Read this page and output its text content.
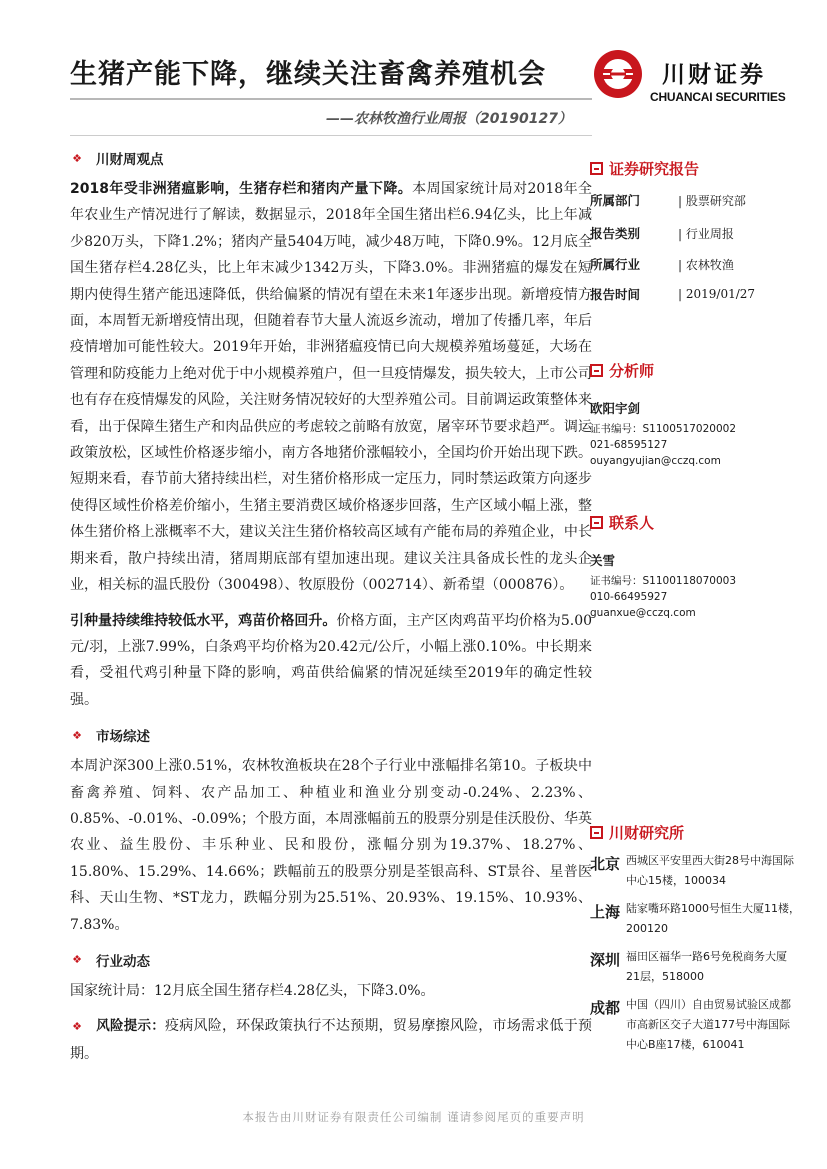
生猪产能下降，继续关注畜禽养殖机会
——农林牧渔行业周报（20190127）
川财证券
CHUANCAI SECURITIES
❖ 川财周观点

2018年受非洲猪瘟影响，生猪存栏和猪肉产量下降。本周国家统计局对2018年全年农业生产情况进行了解读，数据显示，2018年全国生猪出栏6.94亿头，比上年减少820万头，下降1.2%；猪肉产量5404万吨，减少48万吨，下降0.9%。12月底全国生猪存栏4.28亿头，比上年末减少1342万头，下降3.0%。非洲猪瘟的爆发在短期内使得生猪产能迅速降低，供给偏紧的情况有望在未来1年逐步出现。新增疫情方面，本周暂无新增疫情出现，但随着春节大量人流返乡流动，增加了传播几率，年后疫情增加可能性较大。2019年开始，非洲猪瘟疫情已向大规模养殖场蔓延，大场在管理和防疫能力上绝对优于中小规模养殖户，但一旦疫情爆发，损失较大，上市公司也有存在疫情爆发的风险，关注财务情况较好的大型养殖公司。目前调运政策整体来看，出于保障生猪生产和肉品供应的考虑较之前略有放宽，屠宰环节要求趋严。调运政策放松，区域性价格逐步缩小，南方各地猪价涨幅较小，全国均价开始出现下跌。短期来看，春节前大猪持续出栏，对生猪价格形成一定压力，同时禁运政策方向逐步使得区域性价格差价缩小，生猪主要消费区域价格逐步回落，生产区域小幅上涨，整体生猪价格上涨概率不大，建议关注生猪价格较高区域有产能布局的养殖企业，中长期来看，散户持续出清，猪周期底部有望加速出现。建议关注具备成长性的龙头企业，相关标的温氏股份（300498）、牧原股份（002714）、新希望（000876）。

引种量持续维持较低水平，鸡苗价格回升。价格方面，主产区肉鸡苗平均价格为5.00元/羽，上涨7.99%，白条鸡平均价格为20.42元/公斤，小幅上涨0.10%。中长期来看，受祖代鸡引种量下降的影响，鸡苗供给偏紧的情况延续至2019年的确定性较强。

❖ 市场综述

本周沪深300上涨0.51%，农林牧渔板块在28个子行业中涨幅排名第10。子板块中畜禽养殖、饲料、农产品加工、种植业和渔业分别变动-0.24%、2.23%、0.85%、-0.01%、-0.09%；个股方面，本周涨幅前五的股票分别是佳沃股份、华英农业、益生股份、丰乐种业、民和股份，涨幅分别为19.37%、18.27%、15.80%、15.29%、14.66%；跌幅前五的股票分别是荃银高科、ST景谷、星普医科、天山生物、*ST龙力，跌幅分别为25.51%、20.93%、19.15%、10.93%、7.83%。

❖ 行业动态

国家统计局：12月底全国生猪存栏4.28亿头，下降3.0%。

❖ 风险提示：疫病风险，环保政策执行不达预期，贸易摩擦风险，市场需求低于预期。
证券研究报告
所属部门	| 股票研究部
报告类别	| 行业周报
所属行业	| 农林牧渔
报告时间	| 2019/01/27
分析师
欧阳宇剑
证书编号：S1100517020002
021-68595127
ouyangyujian@cczq.com
联系人
关雪
证书编号：S1100118070003
010-66495927
guanxue@cczq.com
川财研究所
北京 西城区平安里西大街28号中海国际中心15楼，100034
上海 陆家嘴环路1000号恒生大厦11楼，200120
深圳 福田区福华一路6号免税商务大厦21层，518000
成都 中国（四川）自由贸易试验区成都市高新区交子大道177号中海国际中心B座17楼，610041
本报告由川财证券有限责任公司编制 谨请参阅尾页的重要声明
